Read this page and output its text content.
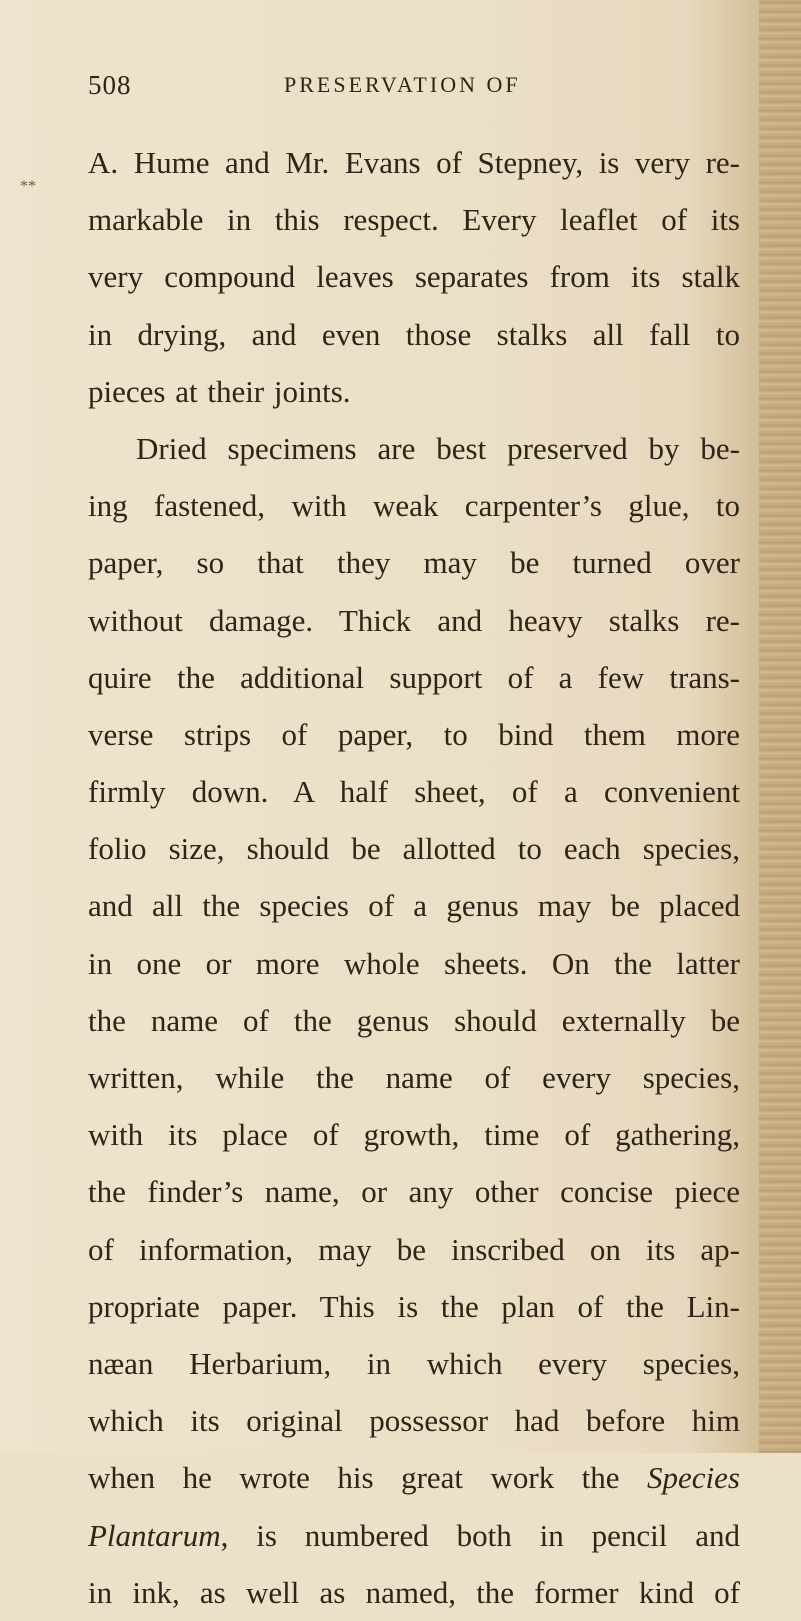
508	PRESERVATION OF
**
A. Hume and Mr. Evans of Stepney, is very re-
markable in this respect. Every leaflet of its
very compound leaves separates from its stalk
in drying, and even those stalks all fall to
pieces at their joints.
Dried specimens are best preserved by be-
ing fastened, with weak carpenter’s glue, to
paper, so that they may be turned over
without damage. Thick and heavy stalks re-
quire the additional support of a few trans-
verse strips of paper, to bind them more
firmly down. A half sheet, of a convenient
folio size, should be allotted to each species,
and all the species of a genus may be placed
in one or more whole sheets. On the latter
the name of the genus should externally be
written, while the name of every species,
with its place of growth, time of gathering,
the finder’s name, or any other concise piece
of information, may be inscribed on its ap-
propriate paper. This is the plan of the Lin-
næan Herbarium, in which every species,
which its original possessor had before him
when he wrote his great work the Species
Plantarum, is numbered both in pencil and
in ink, as well as named, the former kind of
